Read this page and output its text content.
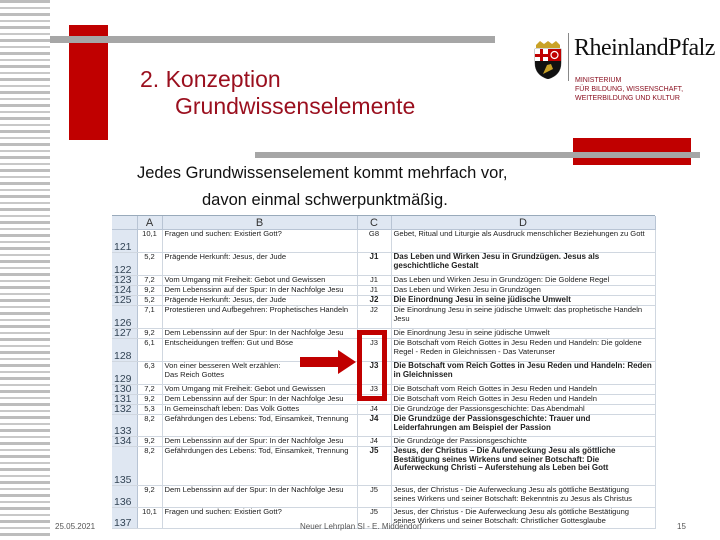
2. Konzeption
Grundwissenselemente
RheinlandPfalz
MINISTERIUM
FÜR BILDUNG, WISSENSCHAFT,
WEITERBILDUNG UND KULTUR
Jedes Grundwissenselement kommt mehrfach vor,
davon einmal schwerpunktmäßig.
	A	B	C	D
121	10,1	Fragen und suchen: Existiert Gott?	G8	Gebet, Ritual und Liturgie als Ausdruck menschlicher Beziehungen zu Gott
122	5,2	Prägende Herkunft: Jesus, der Jude	J1	Das Leben und Wirken Jesu in Grundzügen. Jesus als geschichtliche Gestalt
123	7,2	Vom Umgang mit Freiheit: Gebot und Gewissen	J1	Das Leben und Wirken Jesu in Grundzügen: Die Goldene Regel
124	9,2	Dem Lebenssinn auf der Spur: In der Nachfolge Jesu	J1	Das Leben und Wirken Jesu in Grundzügen
125	5,2	Prägende Herkunft: Jesus, der Jude	J2	Die Einordnung Jesu in seine jüdische Umwelt
126	7,1	Protestieren und Aufbegehren: Prophetisches Handeln	J2	Die Einordnung Jesu in seine jüdische Umwelt: das prophetische Handeln Jesu
127	9,2	Dem Lebenssinn auf der Spur: In der Nachfolge Jesu	J2	Die Einordnung Jesu in seine jüdische Umwelt
128	6,1	Entscheidungen treffen: Gut und Böse	J3	Die Botschaft vom Reich Gottes in Jesu Reden und Handeln: Die goldene Regel - Reden in Gleichnissen - Das Vaterunser
129	6,3	Von einer besseren Welt erzählen: Das Reich Gottes	J3	Die Botschaft vom Reich Gottes in Jesu Reden und Handeln: Reden in Gleichnissen
130	7,2	Vom Umgang mit Freiheit: Gebot und Gewissen	J3	Die Botschaft vom Reich Gottes in Jesu Reden und Handeln
131	9,2	Dem Lebenssinn auf der Spur: In der Nachfolge Jesu	J3	Die Botschaft vom Reich Gottes in Jesu Reden und Handeln
132	5,3	In Gemeinschaft leben: Das Volk Gottes	J4	Die Grundzüge der Passionsgeschichte: Das Abendmahl
133	8,2	Gefährdungen des Lebens: Tod, Einsamkeit, Trennung	J4	Die Grundzüge der Passionsgeschichte: Trauer und Leiderfahrungen am Beispiel der Passion
134	9,2	Dem Lebenssinn auf der Spur: In der Nachfolge Jesu	J4	Die Grundzüge der Passionsgeschichte
135	8,2	Gefährdungen des Lebens: Tod, Einsamkeit, Trennung	J5	Jesus, der Christus – Die Auferweckung Jesu als göttliche Bestätigung seines Wirkens und seiner Botschaft: Die Auferweckung Christi – Auferstehung als Leben bei Gott
136	9,2	Dem Lebenssinn auf der Spur: In der Nachfolge Jesu	J5	Jesus, der Christus - Die Auferweckung Jesu als göttliche Bestätigung seines Wirkens und seiner Botschaft: Bekenntnis zu Jesus als Christus
137	10,1	Fragen und suchen: Existiert Gott?	J5	Jesus, der Christus - Die Auferweckung Jesu als göttliche Bestätigung seines Wirkens und seiner Botschaft: Christlicher Gottesglaube
25.05.2021	Neuer Lehrplan SI - E. Middendorf	15
